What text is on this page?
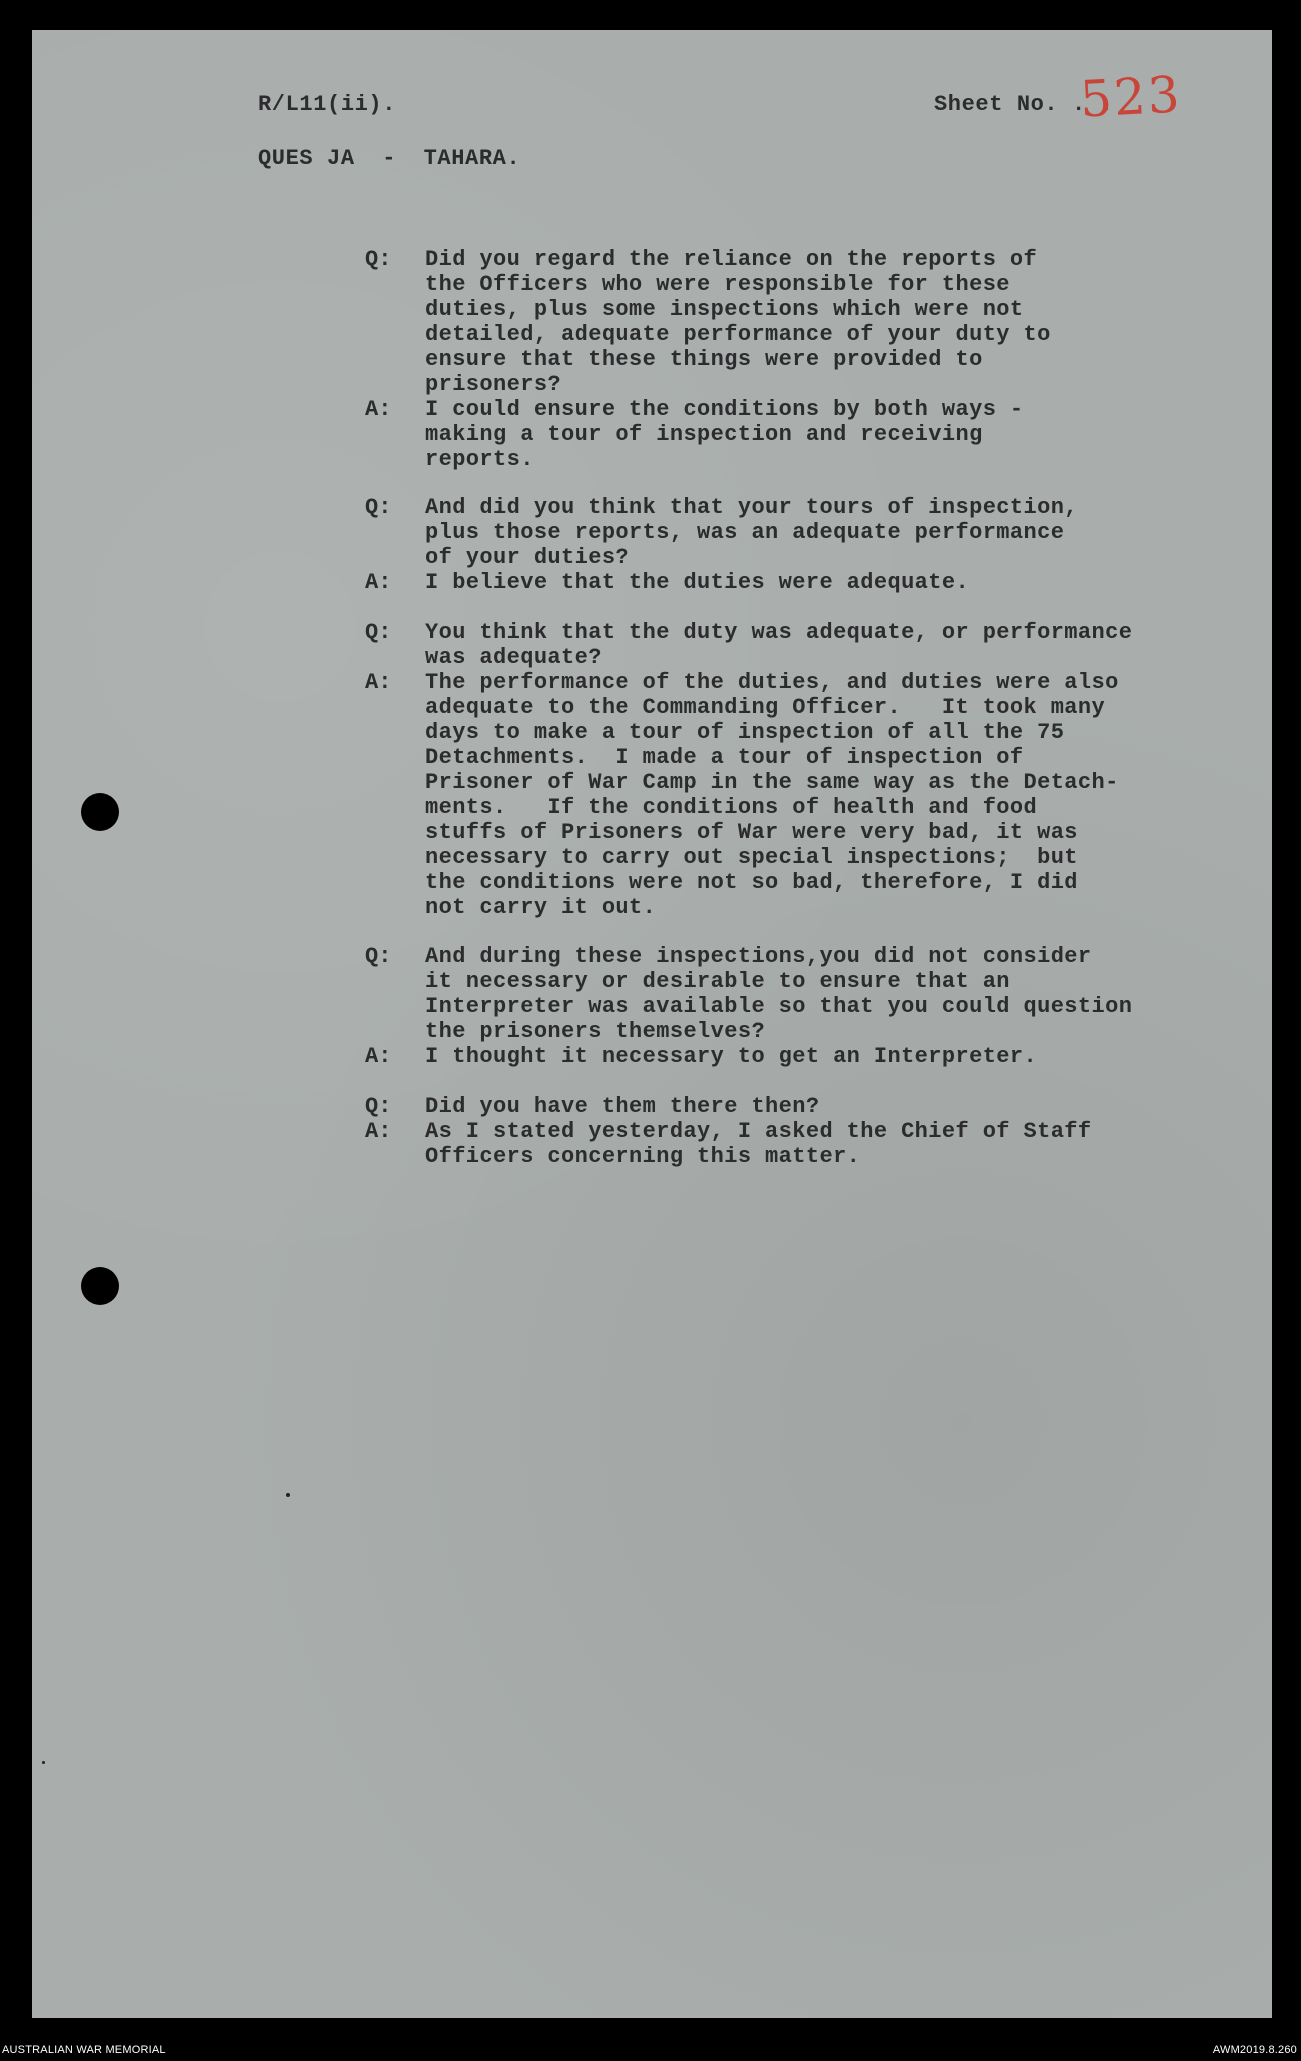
R/L11(ii).	Sheet No. . .
523
QUES JA  -  TAHARA.
Q:	Did you regard the reliance on the reports of
the Officers who were responsible for these
duties, plus some inspections which were not
detailed, adequate performance of your duty to
ensure that these things were provided to
prisoners?
A:	I could ensure the conditions by both ways -
making a tour of inspection and receiving
reports.
Q:	And did you think that your tours of inspection,
plus those reports, was an adequate performance
of your duties?
A:	I believe that the duties were adequate.
Q:	You think that the duty was adequate, or performance
was adequate?
A:	The performance of the duties, and duties were also
adequate to the Commanding Officer.   It took many
days to make a tour of inspection of all the 75
Detachments.  I made a tour of inspection of
Prisoner of War Camp in the same way as the Detach-
ments.   If the conditions of health and food
stuffs of Prisoners of War were very bad, it was
necessary to carry out special inspections;  but
the conditions were not so bad, therefore, I did
not carry it out.
Q:	And during these inspections,you did not consider
it necessary or desirable to ensure that an
Interpreter was available so that you could question
the prisoners themselves?
A:	I thought it necessary to get an Interpreter.
Q:	Did you have them there then?
A:	As I stated yesterday, I asked the Chief of Staff
Officers concerning this matter.
AUSTRALIAN WAR MEMORIAL	AWM2019.8.260
